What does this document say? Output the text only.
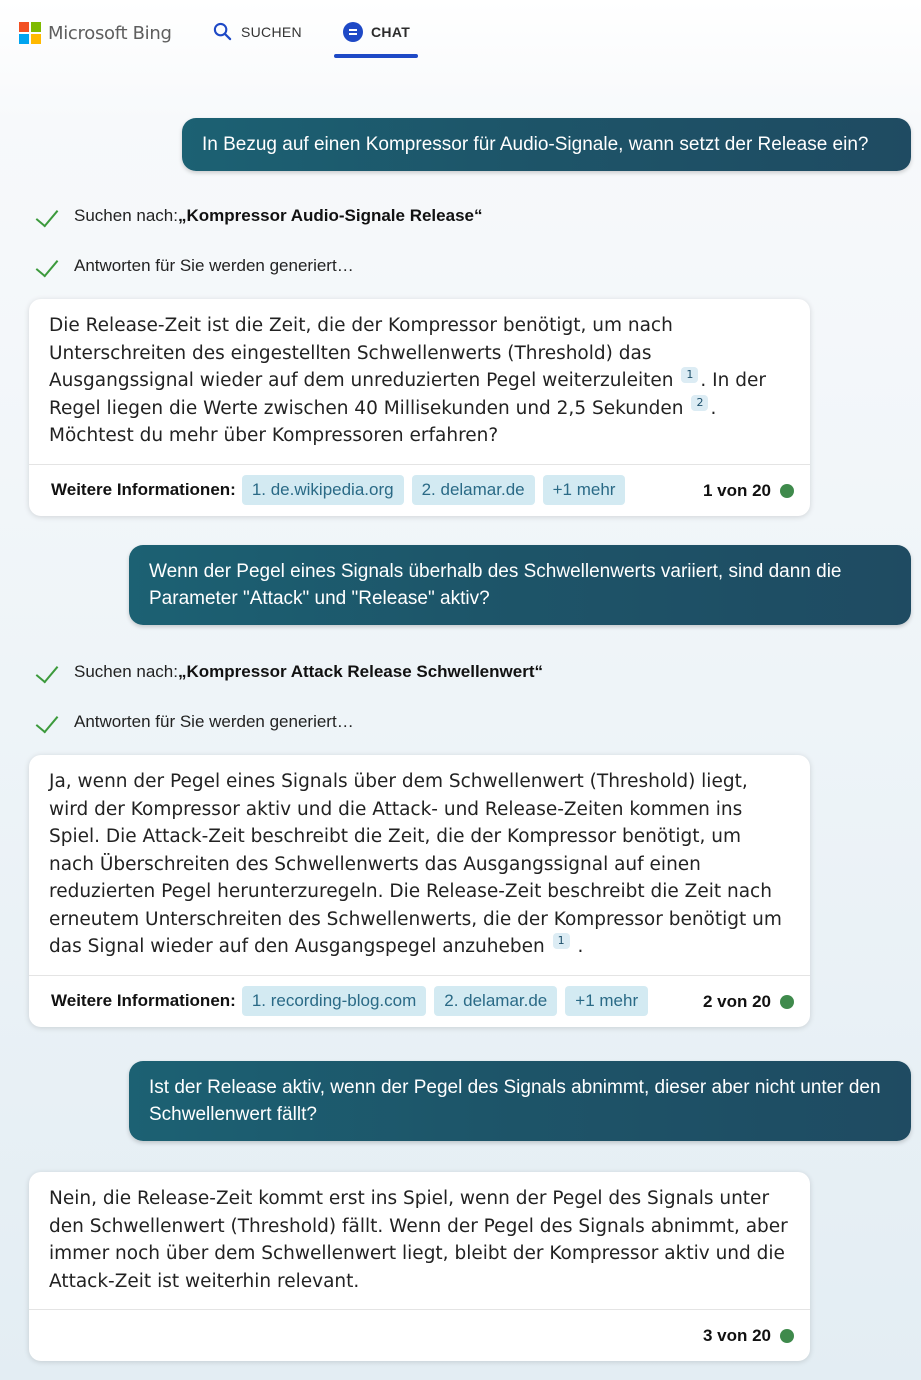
Microsoft Bing	SUCHEN	CHAT
In Bezug auf einen Kompressor für Audio-Signale, wann setzt der Release ein?
Suchen nach: „Kompressor Audio-Signale Release“
Antworten für Sie werden generiert…
Die Release-Zeit ist die Zeit, die der Kompressor benötigt, um nach Unterschreiten des eingestellten Schwellenwerts (Threshold) das Ausgangssignal wieder auf dem unreduzierten Pegel weiterzuleiten 1 . In der Regel liegen die Werte zwischen 40 Millisekunden und 2,5 Sekunden 2 . Möchtest du mehr über Kompressoren erfahren?
Weitere Informationen: 1. de.wikipedia.org	2. delamar.de	+1 mehr	1 von 20
Wenn der Pegel eines Signals überhalb des Schwellenwerts variiert, sind dann die Parameter "Attack" und "Release" aktiv?
Suchen nach: „Kompressor Attack Release Schwellenwert“
Antworten für Sie werden generiert…
Ja, wenn der Pegel eines Signals über dem Schwellenwert (Threshold) liegt, wird der Kompressor aktiv und die Attack- und Release-Zeiten kommen ins Spiel. Die Attack-Zeit beschreibt die Zeit, die der Kompressor benötigt, um nach Überschreiten des Schwellenwerts das Ausgangssignal auf einen reduzierten Pegel herunterzuregeln. Die Release-Zeit beschreibt die Zeit nach erneutem Unterschreiten des Schwellenwerts, die der Kompressor benötigt um das Signal wieder auf den Ausgangspegel anzuheben 1 .
Weitere Informationen: 1. recording-blog.com	2. delamar.de	+1 mehr	2 von 20
Ist der Release aktiv, wenn der Pegel des Signals abnimmt, dieser aber nicht unter den Schwellenwert fällt?
Nein, die Release-Zeit kommt erst ins Spiel, wenn der Pegel des Signals unter den Schwellenwert (Threshold) fällt. Wenn der Pegel des Signals abnimmt, aber immer noch über dem Schwellenwert liegt, bleibt der Kompressor aktiv und die Attack-Zeit ist weiterhin relevant.
3 von 20
